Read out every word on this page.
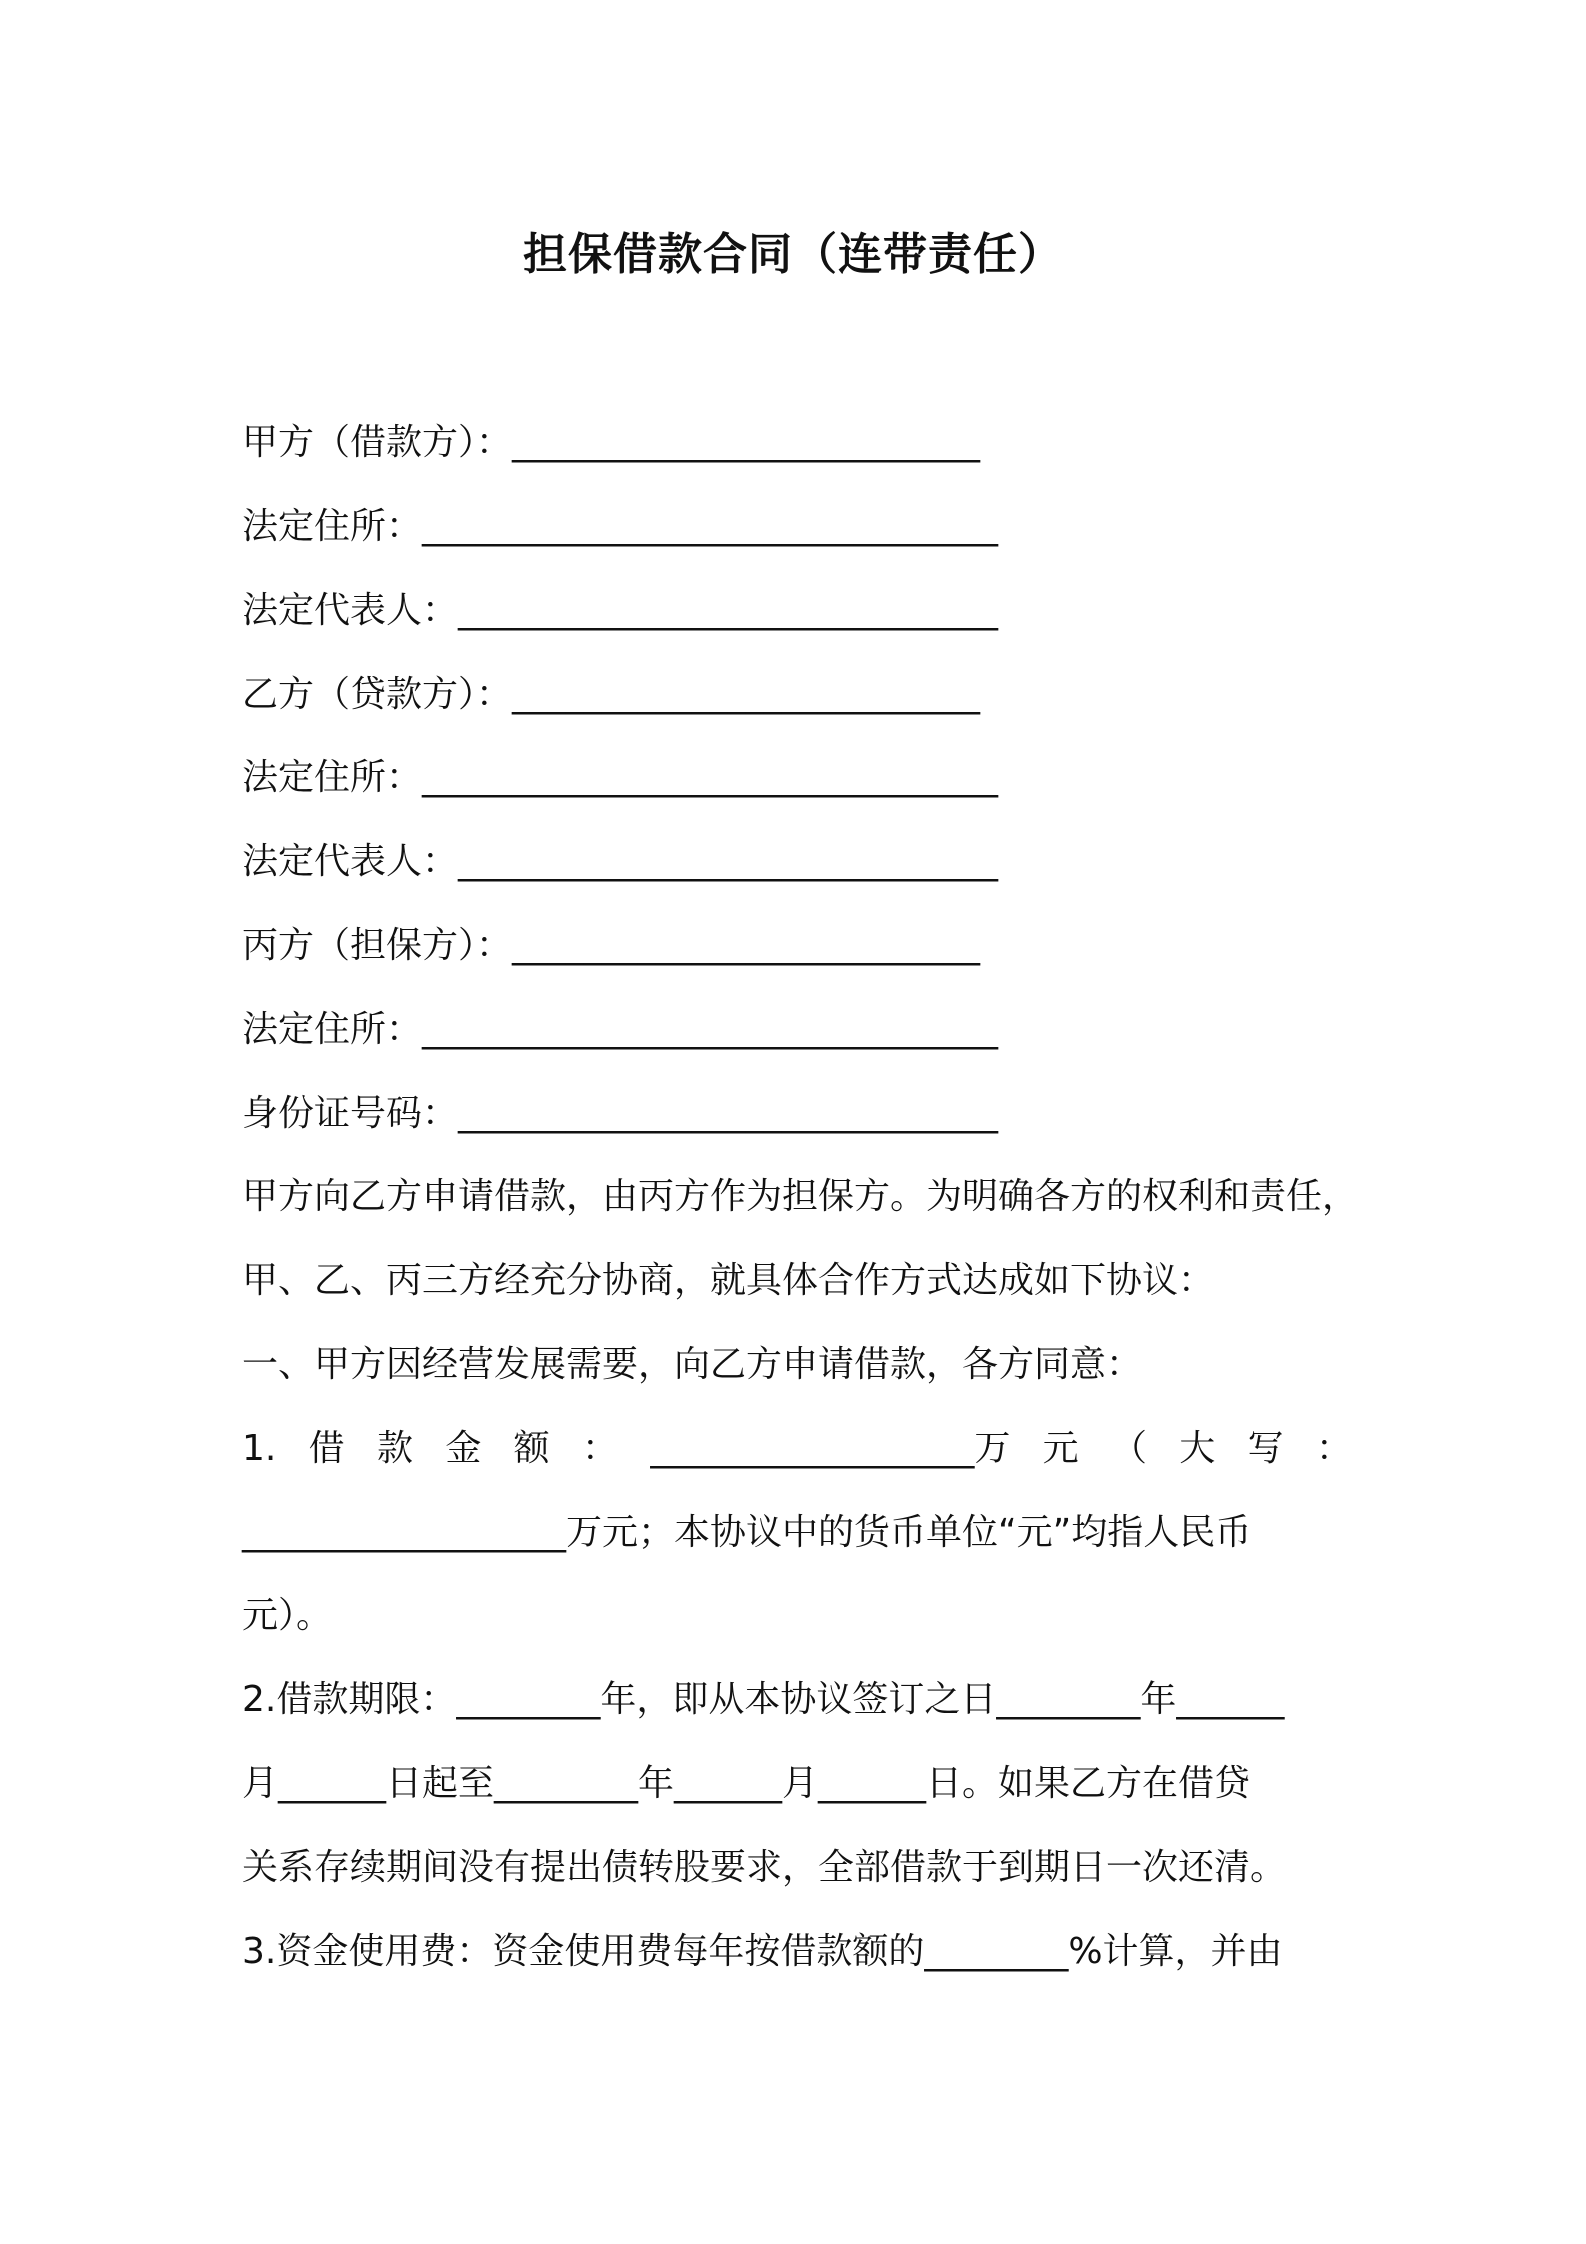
担保借款合同（连带责任）
甲方（借款方）：__________________________
法定住所：________________________________
法定代表人：______________________________
乙方（贷款方）：__________________________
法定住所：________________________________
法定代表人：______________________________
丙方（担保方）：__________________________
法定住所：________________________________
身份证号码：______________________________
甲方向乙方申请借款，由丙方作为担保方。为明确各方的权利和责任，
甲、乙、丙三方经充分协商，就具体合作方式达成如下协议：
一、甲方因经营发展需要，向乙方申请借款，各方同意：
1. 借 款 金 额 ： __________________万 元 （ 大 写 ：
__________________万元；本协议中的货币单位“元”均指人民币
元）。
2.借款期限：________年，即从本协议签订之日________年______
月______日起至________年______月______日。如果乙方在借贷
关系存续期间没有提出债转股要求，全部借款于到期日一次还清。
3.资金使用费：资金使用费每年按借款额的________%计算，并由
